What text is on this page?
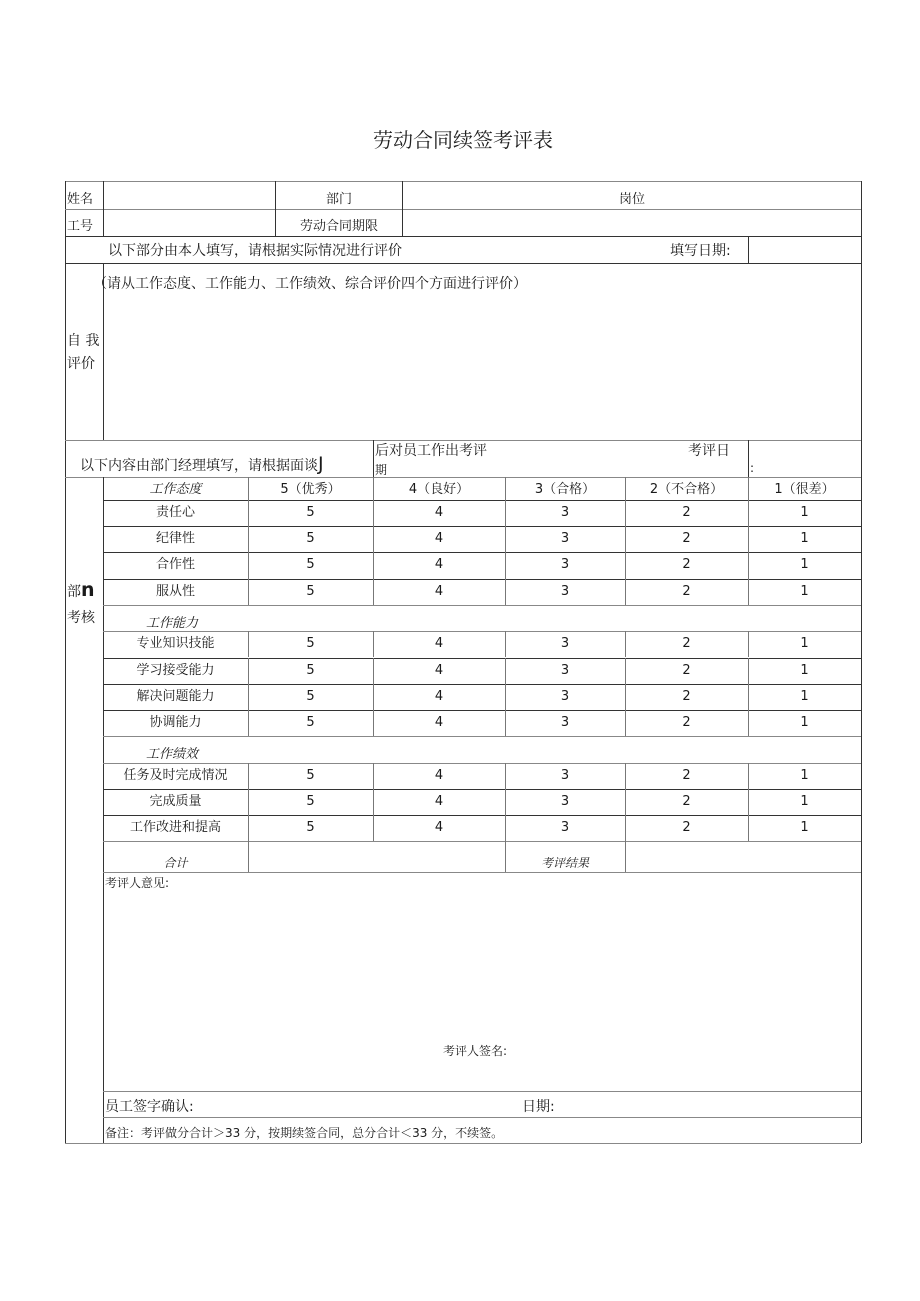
劳动合同续签考评表
姓名	部门	岗位
工号	劳动合同期限
以下部分由本人填写，请根据实际情况进行评价	填写日期:
自 我
评价
（请从工作态度、工作能力、工作绩效、综合评价四个方面进行评价）
以下内容由部门经理填写，请根据面谈J
后对员工作出考评
期
考评日
:
部n
考核
工作态度	5（优秀）	4（良好）	3（合格）	2（不合格）	1（很差）
责任心	5	4	3	2	1
纪律性	5	4	3	2	1
合作性	5	4	3	2	1
服从性	5	4	3	2	1
工作能力
专业知识技能	5	4	3	2	1
学习接受能力	5	4	3	2	1
解决问题能力	5	4	3	2	1
协调能力	5	4	3	2	1
工作绩效
任务及时完成情况	5	4	3	2	1
完成质量	5	4	3	2	1
工作改进和提高	5	4	3	2	1
合计	考评结果
考评人意见:
考评人签名:
员工签字确认:	日期:
备注：考评做分合计＞33 分，按期续签合同，总分合计＜33 分，不续签。
